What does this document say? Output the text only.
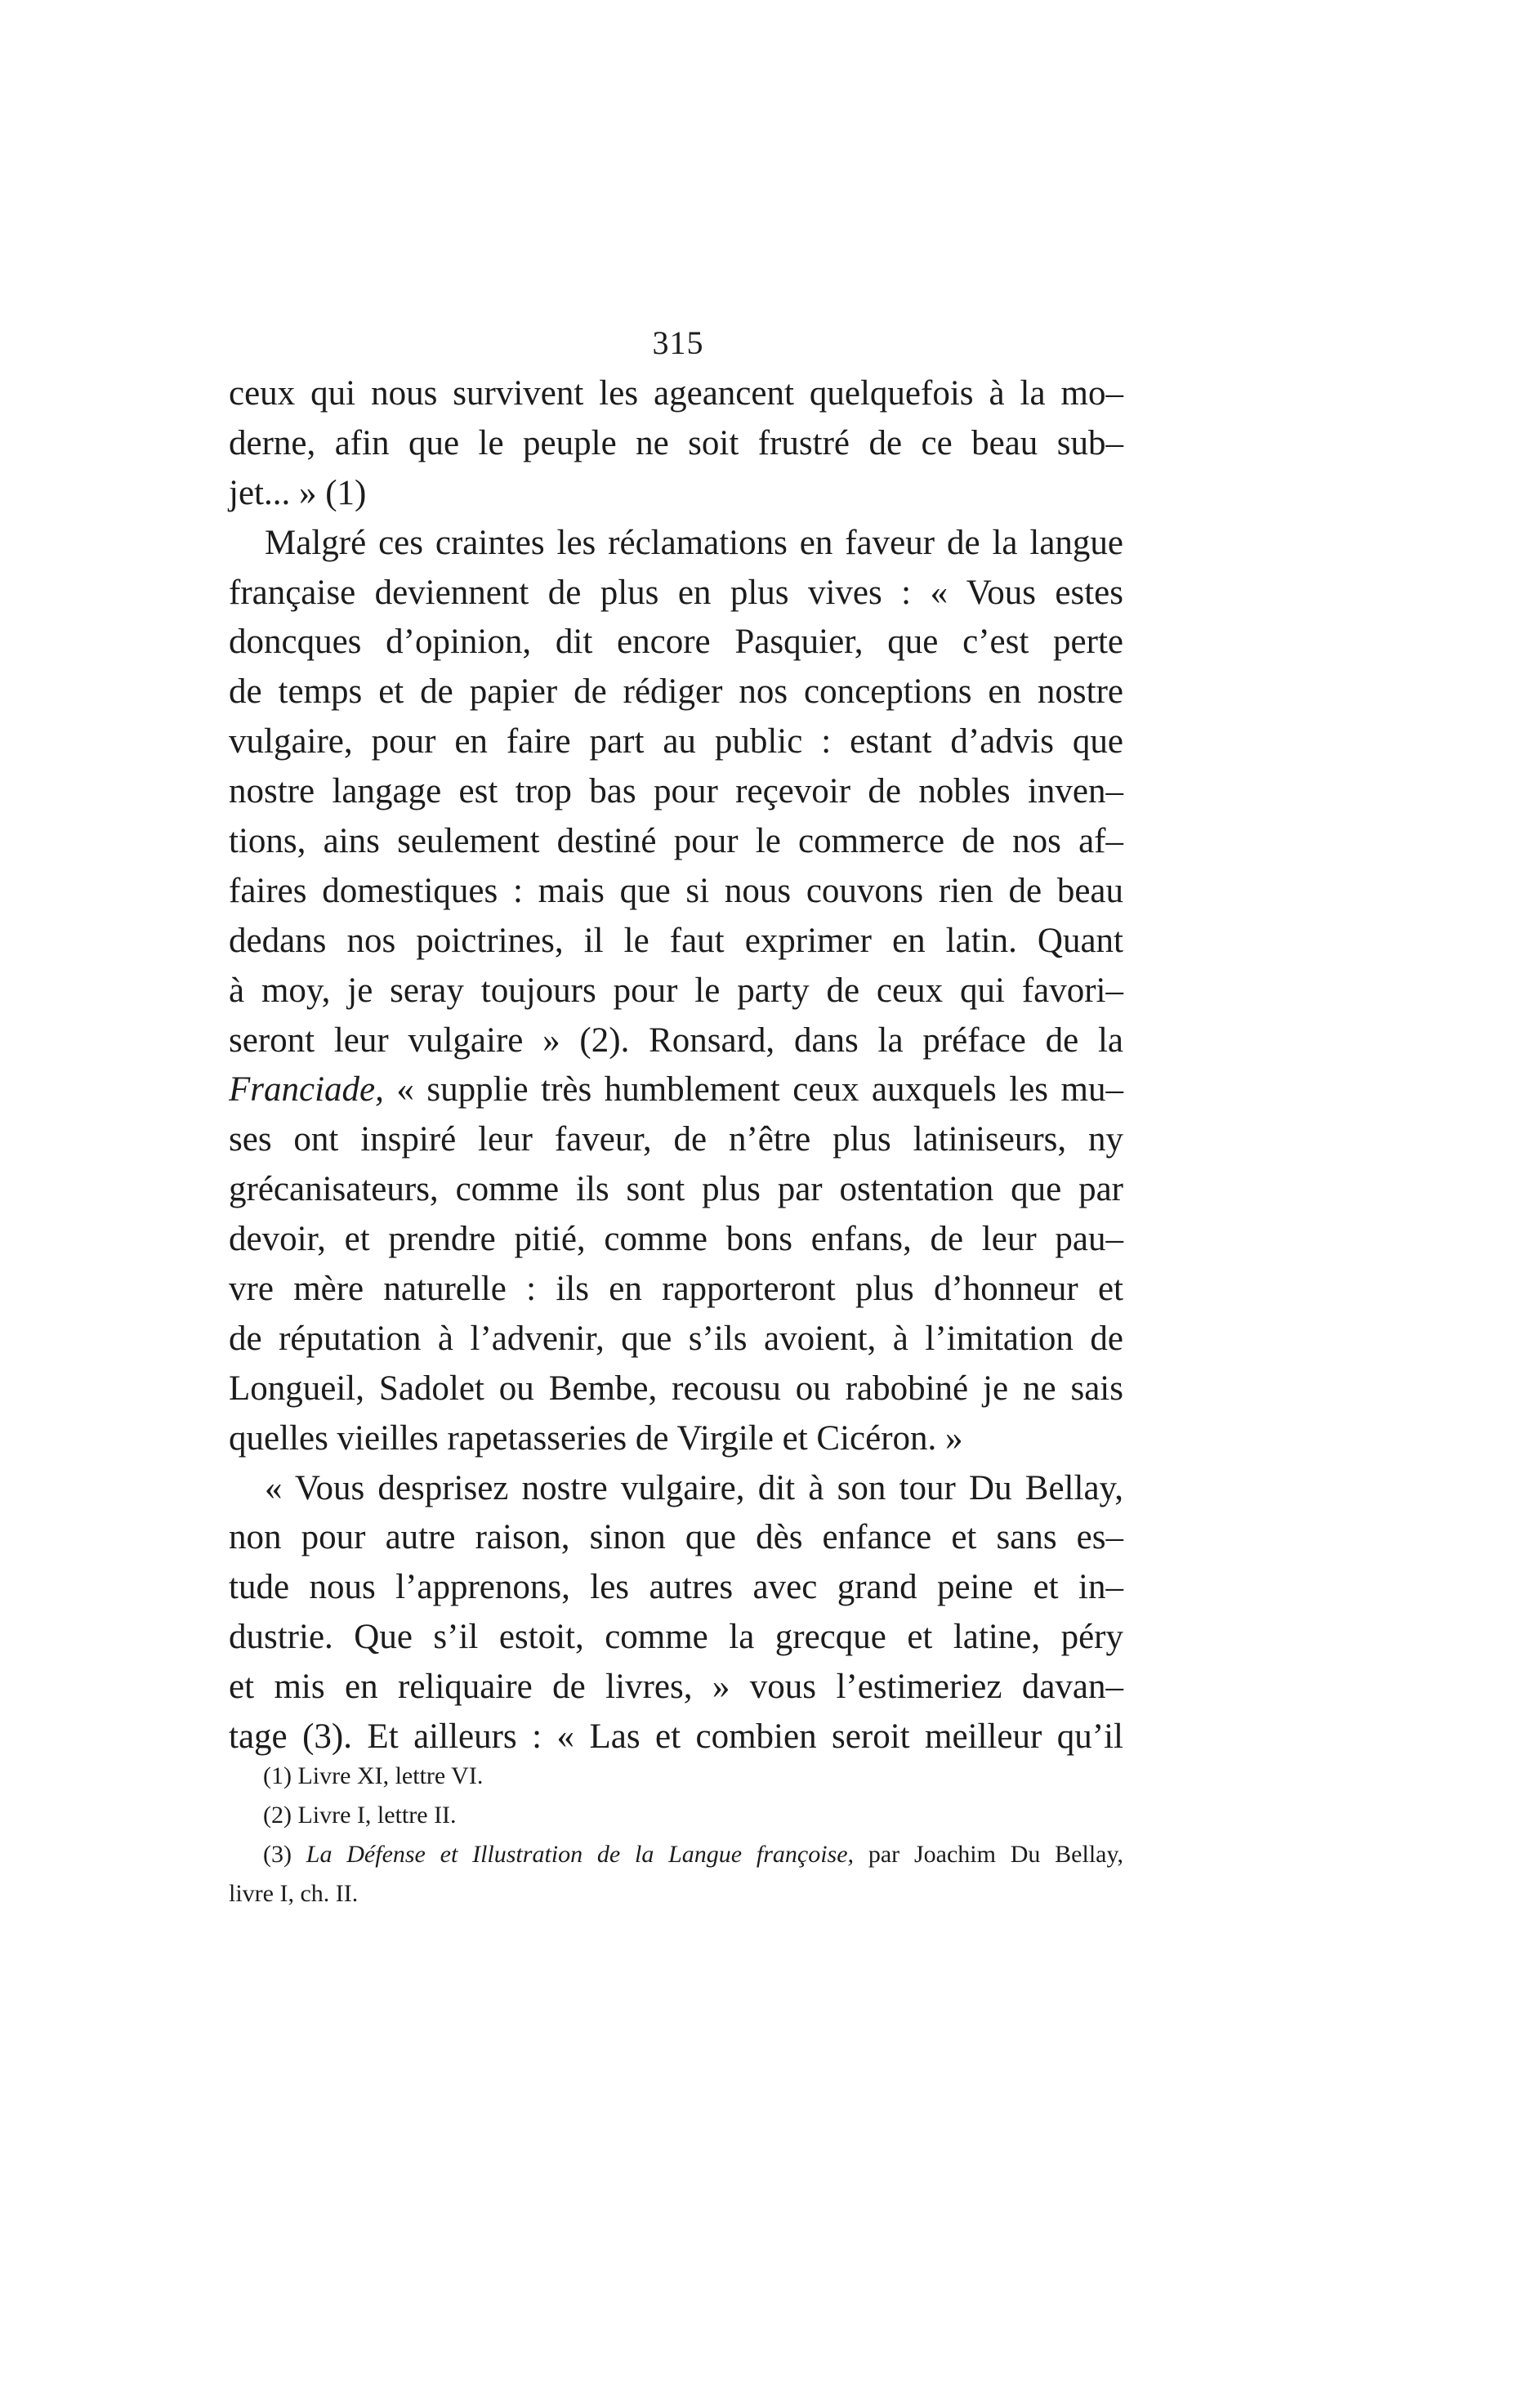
315
ceux qui nous survivent les ageancent quelquefois à la mo–
derne, afin que le peuple ne soit frustré de ce beau sub–
jet... » (1)
Malgré ces craintes les réclamations en faveur de la langue
française deviennent de plus en plus vives : « Vous estes
doncques d’opinion, dit encore Pasquier, que c’est perte
de temps et de papier de rédiger nos conceptions en nostre
vulgaire, pour en faire part au public : estant d’advis que
nostre langage est trop bas pour reçevoir de nobles inven–
tions, ains seulement destiné pour le commerce de nos af–
faires domestiques : mais que si nous couvons rien de beau
dedans nos poictrines, il le faut exprimer en latin. Quant
à moy, je seray toujours pour le party de ceux qui favori–
seront leur vulgaire » (2). Ronsard, dans la préface de la
Franciade, « supplie très humblement ceux auxquels les mu–
ses ont inspiré leur faveur, de n’être plus latiniseurs, ny
grécanisateurs, comme ils sont plus par ostentation que par
devoir, et prendre pitié, comme bons enfans, de leur pau–
vre mère naturelle : ils en rapporteront plus d’honneur et
de réputation à l’advenir, que s’ils avoient, à l’imitation de
Longueil, Sadolet ou Bembe, recousu ou rabobiné je ne sais
quelles vieilles rapetasseries de Virgile et Cicéron. »
« Vous desprisez nostre vulgaire, dit à son tour Du Bellay,
non pour autre raison, sinon que dès enfance et sans es–
tude nous l’apprenons, les autres avec grand peine et in–
dustrie. Que s’il estoit, comme la grecque et latine, péry
et mis en reliquaire de livres, » vous l’estimeriez davan–
tage (3). Et ailleurs : « Las et combien seroit meilleur qu’il
(1) Livre XI, lettre VI.
(2) Livre I, lettre II.
(3) La Défense et Illustration de la Langue françoise, par Joachim Du Bellay,
livre I, ch. II.
